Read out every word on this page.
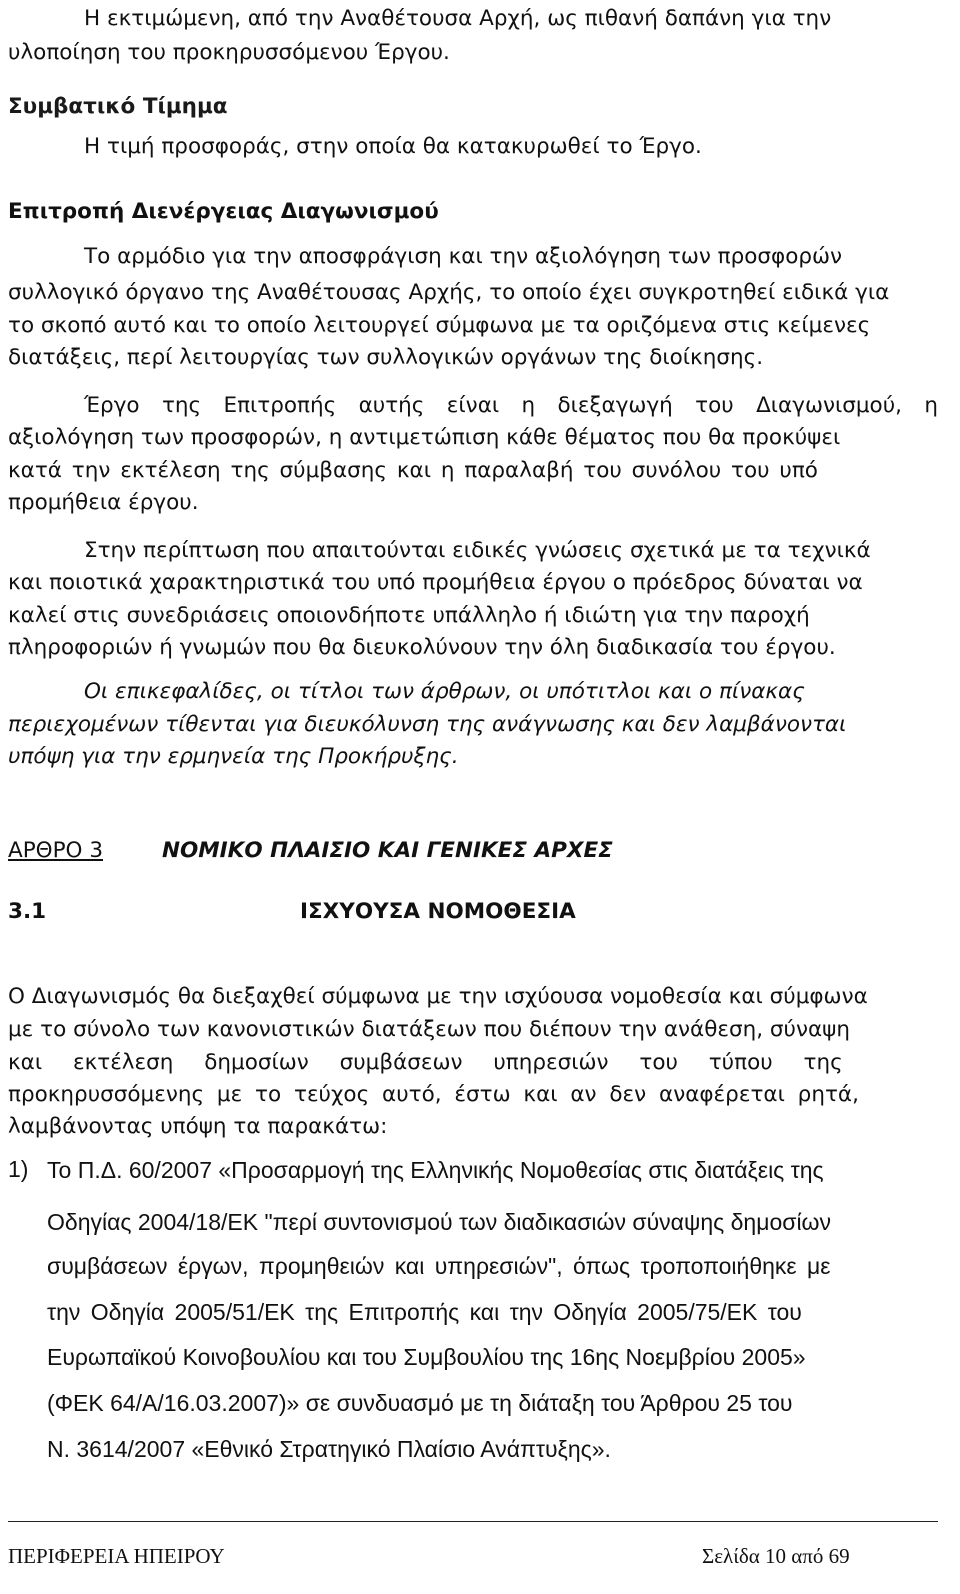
Η εκτιμώμενη, από την Αναθέτουσα Αρχή, ως πιθανή δαπάνη για την
υλοποίηση του προκηρυσσόμενου Έργου.
Συμβατικό Τίμημα
Η τιμή προσφοράς, στην οποία θα κατακυρωθεί το Έργο.
Επιτροπή Διενέργειας Διαγωνισμού
Το αρμόδιο για την αποσφράγιση και την αξιολόγηση των προσφορών
συλλογικό όργανο της Αναθέτουσας Αρχής, το οποίο έχει συγκροτηθεί ειδικά για
το σκοπό αυτό και το οποίο λειτουργεί σύμφωνα με τα οριζόμενα στις κείμενες
διατάξεις, περί λειτουργίας των συλλογικών οργάνων της διοίκησης.
Έργο της Επιτροπής αυτής είναι η διεξαγωγή του Διαγωνισμού, η
αξιολόγηση των προσφορών, η αντιμετώπιση κάθε θέματος που θα προκύψει
κατά την εκτέλεση της σύμβασης και η παραλαβή του συνόλου του υπό
προμήθεια έργου.
Στην περίπτωση που απαιτούνται ειδικές γνώσεις σχετικά με τα τεχνικά
και ποιοτικά χαρακτηριστικά του υπό προμήθεια έργου ο πρόεδρος δύναται να
καλεί στις συνεδριάσεις οποιονδήποτε υπάλληλο ή ιδιώτη για την παροχή
πληροφοριών ή γνωμών που θα διευκολύνουν την όλη διαδικασία του έργου.
Οι επικεφαλίδες, οι τίτλοι των άρθρων, οι υπότιτλοι και ο πίνακας
περιεχομένων τίθενται για διευκόλυνση της ανάγνωσης και δεν λαμβάνονται
υπόψη για την ερμηνεία της Προκήρυξης.
ΑΡΘΡΟ 3	ΝΟΜΙΚΟ ΠΛΑΙΣΙΟ ΚΑΙ ΓΕΝΙΚΕΣ ΑΡΧΕΣ
3.1	ΙΣΧΥΟΥΣΑ ΝΟΜΟΘΕΣΙΑ
Ο Διαγωνισμός θα διεξαχθεί σύμφωνα με την ισχύουσα νομοθεσία και σύμφωνα
με το σύνολο των κανονιστικών διατάξεων που διέπουν την ανάθεση, σύναψη
και εκτέλεση δημοσίων συμβάσεων υπηρεσιών του τύπου της
προκηρυσσόμενης με το τεύχος αυτό, έστω και αν δεν αναφέρεται ρητά,
λαμβάνοντας υπόψη τα παρακάτω:
1) Το Π.Δ. 60/2007 «Προσαρμογή της Ελληνικής Νομοθεσίας στις διατάξεις της
Οδηγίας 2004/18/ΕΚ "περί συντονισμού των διαδικασιών σύναψης δημοσίων
συμβάσεων έργων, προμηθειών και υπηρεσιών", όπως τροποποιήθηκε με
την Οδηγία 2005/51/ΕΚ της Επιτροπής και την Οδηγία 2005/75/ΕΚ του
Ευρωπαϊκού Κοινοβουλίου και του Συμβουλίου της 16ης Νοεμβρίου 2005»
(ΦΕΚ 64/Α/16.03.2007)» σε συνδυασμό με τη διάταξη του Άρθρου 25 του
Ν. 3614/2007 «Εθνικό Στρατηγικό Πλαίσιο Ανάπτυξης».
ΠΕΡΙΦΕΡΕΙΑ ΗΠΕΙΡΟΥ	Σελίδα 10 από 69
